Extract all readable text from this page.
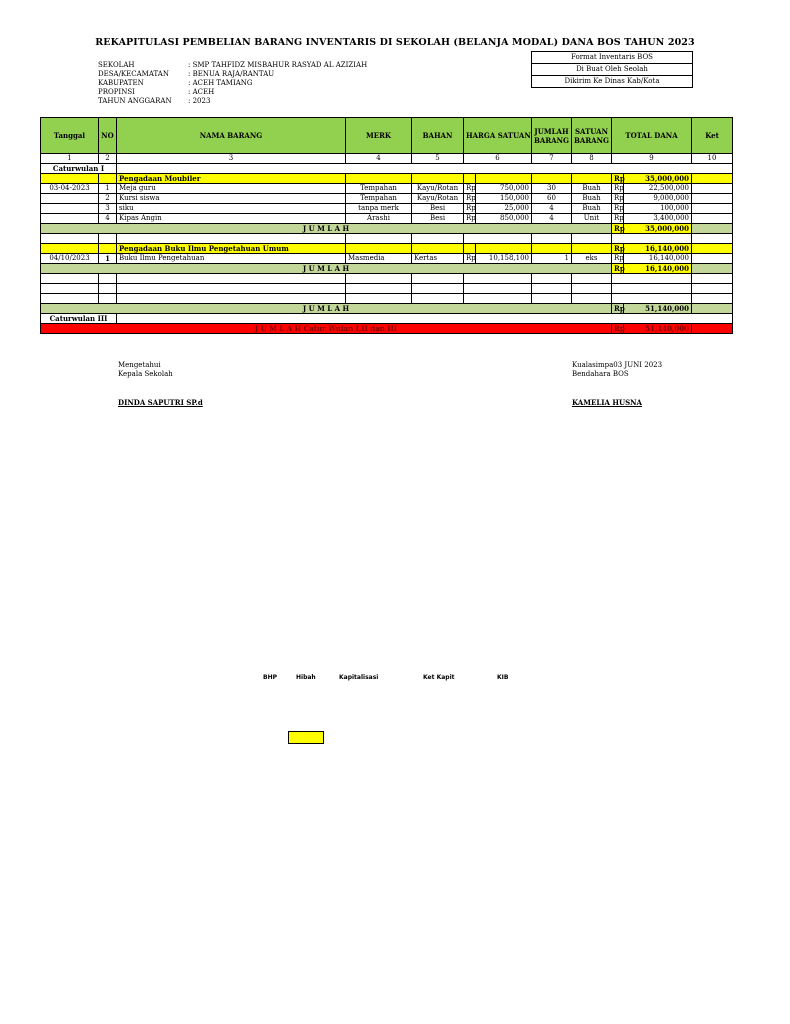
REKAPITULASI PEMBELIAN BARANG INVENTARIS DI SEKOLAH (BELANJA MODAL) DANA BOS TAHUN 2023
Format Inventaris BOS
Di Buat Oleh Seolah
Dikirim Ke Dinas Kab/Kota
SEKOLAH	: SMP TAHFIDZ MISBAHUR RASYAD AL AZIZIAH
DESA/KECAMATAN	: BENUA RAJA/RANTAU
KABUPATEN	: ACEH TAMIANG
PROPINSI	: ACEH
TAHUN ANGGARAN	: 2023
Tanggal	NO	NAMA BARANG	MERK	BAHAN	HARGA SATUAN		JUMLAH BARANG	SATUAN BARANG	TOTAL DANA		Ket
1	2	3	4	5	6		7	8	9		10
Caturwulan I											
		Pengadaan Moubiler							Rp	35,000,000	
03-04-2023	1	Meja guru	Tempahan	Kayu/Rotan	Rp	750,000	30	Buah	Rp	22,500,000	
	2	Kursi siswa	Tempahan	Kayu/Rotan	Rp	150,000	60	Buah	Rp	9,000,000	
	3	siku	tanpa merk	Besi	Rp	25,000	4	Buah	Rp	100,000	
	4	Kipas Angin	Arashi	Besi	Rp	850,000	4	Unit	Rp	3,400,000	
J U M L A H									Rp	35,000,000	

		Pengadaan Buku Ilmu Pengetahuan Umum							Rp	16,140,000	
04/10/2023	1	Buku Ilmu Pengetahuan	Masmedia	Kertas	Rp	10,158,100	1	eks	Rp	16,140,000	
J U M L A H									Rp	16,140,000	

J U M L A H									Rp	51,140,000	
Caturwulan III											
J U M L A H Catur Wulan I,II dan III									Rp	51,140,000	
Mengetahui
Kepala Sekolah
DINDA SAPUTRI SP.d
Kualasimpa03 JUNI 2023
Bendahara BOS
KAMELIA HUSNA
BHP	Hibah	Kapitalisasi	Ket Kapit	KIB
